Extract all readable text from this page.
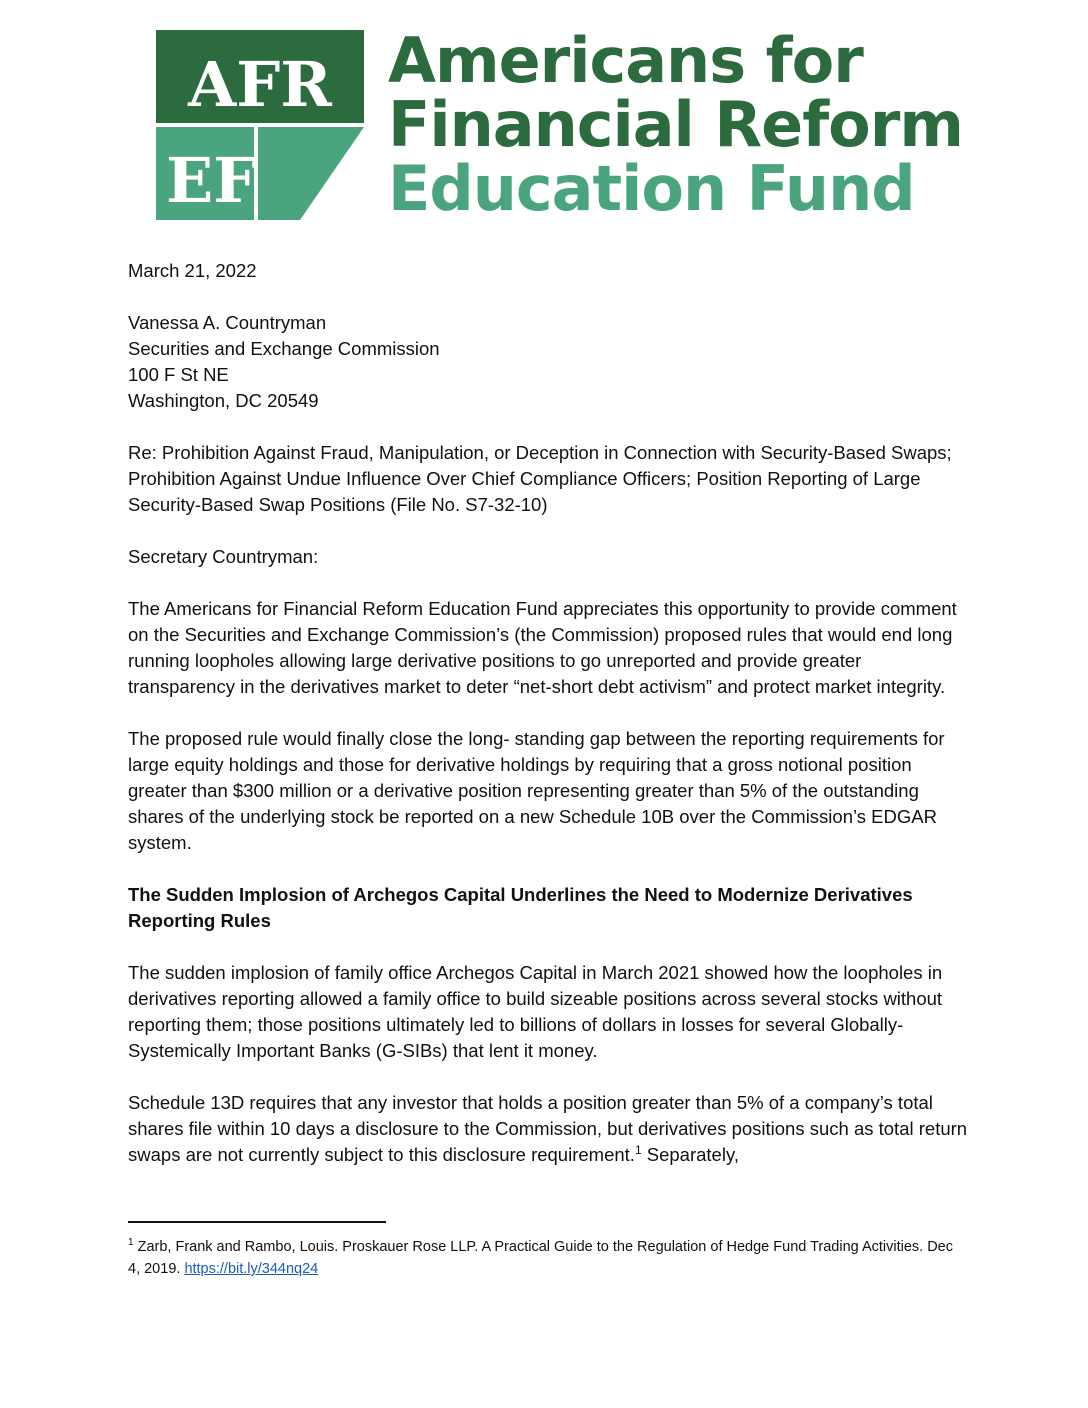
AFR
EF
Americans for
Financial Reform
Education Fund

March 21, 2022

Vanessa A. Countryman
Securities and Exchange Commission
100 F St NE
Washington, DC 20549

Re: Prohibition Against Fraud, Manipulation, or Deception in Connection with Security-Based Swaps; Prohibition Against Undue Influence Over Chief Compliance Officers; Position Reporting of Large Security-Based Swap Positions (File No. S7-32-10)

Secretary Countryman:

The Americans for Financial Reform Education Fund appreciates this opportunity to provide comment on the Securities and Exchange Commission’s (the Commission) proposed rules that would end long running loopholes allowing large derivative positions to go unreported and provide greater transparency in the derivatives market to deter “net-short debt activism” and protect market integrity.

The proposed rule would finally close the long- standing gap between the reporting requirements for large equity holdings and those for derivative holdings by requiring that a gross notional position greater than $300 million or a derivative position representing greater than 5% of the outstanding shares of the underlying stock be reported on a new Schedule 10B over the Commission’s EDGAR system.

The Sudden Implosion of Archegos Capital Underlines the Need to Modernize Derivatives Reporting Rules

The sudden implosion of family office Archegos Capital in March 2021 showed how the loopholes in derivatives reporting allowed a family office to build sizeable positions across several stocks without reporting them; those positions ultimately led to billions of dollars in losses for several Globally-Systemically Important Banks (G-SIBs) that lent it money.

Schedule 13D requires that any investor that holds a position greater than 5% of a company’s total shares file within 10 days a disclosure to the Commission, but derivatives positions such as total return swaps are not currently subject to this disclosure requirement.$^1$ Separately,

$^1$ Zarb, Frank and Rambo, Louis. Proskauer Rose LLP. A Practical Guide to the Regulation of Hedge Fund Trading Activities. Dec 4, 2019. https://bit.ly/344nq24
